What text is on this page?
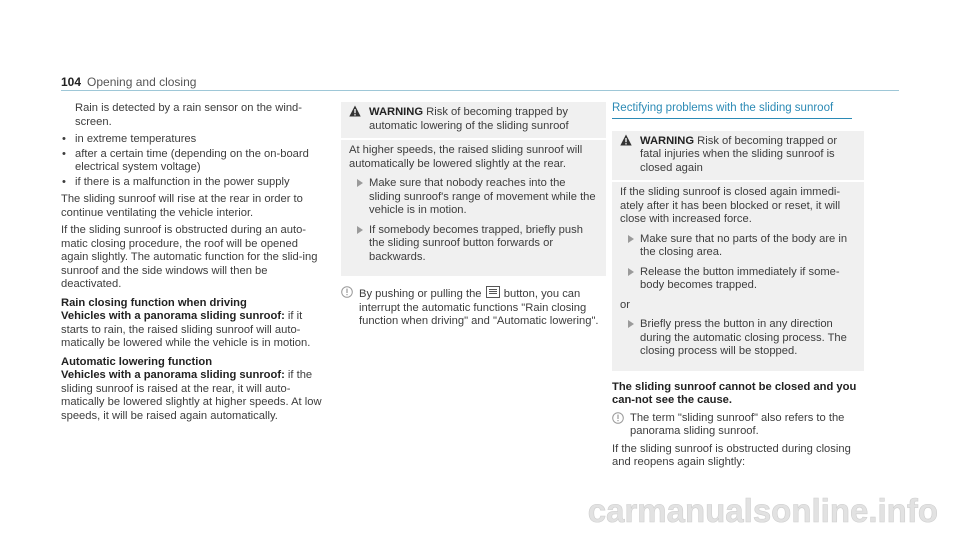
104 Opening and closing

Rain is detected by a rain sensor on the wind-screen.

• in extreme temperatures
• after a certain time (depending on the on-board electrical system voltage)
• if there is a malfunction in the power supply

The sliding sunroof will rise at the rear in order to continue ventilating the vehicle interior.

If the sliding sunroof is obstructed during an auto-matic closing procedure, the roof will be opened again slightly. The automatic function for the slid-ing sunroof and the side windows will then be deactivated.

Rain closing function when driving

Vehicles with a panorama sliding sunroof: if it starts to rain, the raised sliding sunroof will auto-matically be lowered while the vehicle is in motion.

Automatic lowering function

Vehicles with a panorama sliding sunroof: if the sliding sunroof is raised at the rear, it will auto-matically be lowered slightly at higher speeds. At low speeds, it will be raised again automatically.

WARNING Risk of becoming trapped by automatic lowering of the sliding sunroof

At higher speeds, the raised sliding sunroof will automatically be lowered slightly at the rear.

Make sure that nobody reaches into the sliding sunroof's range of movement while the vehicle is in motion.
If somebody becomes trapped, briefly push the sliding sunroof button forwards or backwards.
By pushing or pulling the
button, you can interrupt the automatic functions "Rain closing function when driving" and "Automatic lowering".
Rectifying problems with the sliding sunroof
WARNING Risk of becoming trapped or fatal injuries when the sliding sunroof is closed again

If the sliding sunroof is closed again immedi-ately after it has been blocked or reset, it will close with increased force.

Make sure that no parts of the body are in the closing area.
Release the button immediately if some-body becomes trapped.

or

Briefly press the button in any direction during the automatic closing process. The closing process will be stopped.
The sliding sunroof cannot be closed and you can-not see the cause.
The term "sliding sunroof" also refers to the panorama sliding sunroof.

If the sliding sunroof is obstructed during closing and reopens again slightly:

carmanualsonline.info
